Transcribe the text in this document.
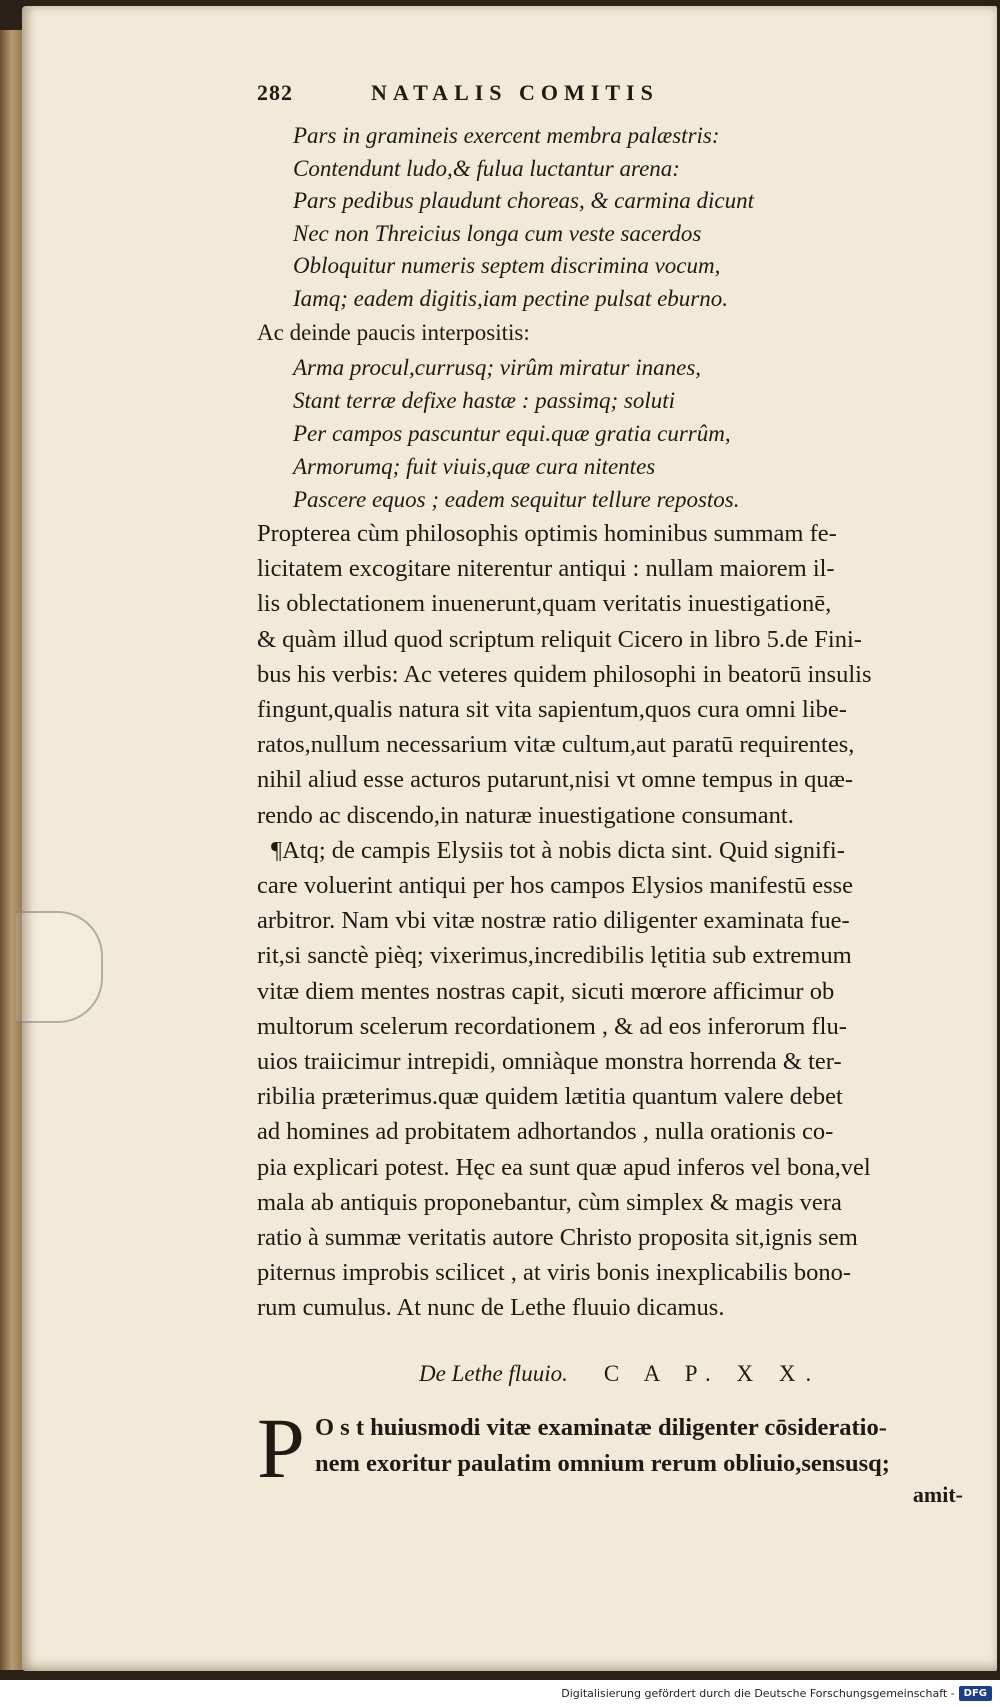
282	NATALIS COMITIS
Pars in gramineis exercent membra palæstris:
Contendunt ludo,& fulua luctantur arena:
Pars pedibus plaudunt choreas, & carmina dicunt
Nec non Threicius longa cum veste sacerdos
Obloquitur numeris septem discrimina vocum,
Iamq; eadem digitis,iam pectine pulsat eburno.
Ac deinde paucis interpositis:
Arma procul,currusq; virûm miratur inanes,
Stant terræ defixe hastæ : passimq; soluti
Per campos pascuntur equi.quæ gratia currûm,
Armorumq; fuit viuis,quæ cura nitentes
Pascere equos ; eadem sequitur tellure repostos.
Propterea cùm philosophis optimis hominibus summam fe-
licitatem excogitare niterentur antiqui : nullam maiorem il-
lis oblectationem inuenerunt,quam veritatis inuestigationē,
& quàm illud quod scriptum reliquit Cicero in libro 5.de Fini-
bus his verbis: Ac veteres quidem philosophi in beatorū insulis
fingunt,qualis natura sit vita sapientum,quos cura omni libe-
ratos,nullum necessarium vitæ cultum,aut paratū requirentes,
nihil aliud esse acturos putarunt,nisi vt omne tempus in quæ-
rendo ac discendo,in naturæ inuestigatione consumant.
¶Atq; de campis Elysiis tot à nobis dicta sint. Quid signifi-
care voluerint antiqui per hos campos Elysios manifestū esse
arbitror. Nam vbi vitæ nostræ ratio diligenter examinata fue-
rit,si sanctè pièq; vixerimus,incredibilis lętitia sub extremum
vitæ diem mentes nostras capit, sicuti mœrore afficimur ob
multorum scelerum recordationem , & ad eos inferorum flu-
uios traiicimur intrepidi, omniàque monstra horrenda & ter-
ribilia præterimus.quæ quidem lætitia quantum valere debet
ad homines ad probitatem adhortandos , nulla orationis co-
pia explicari potest. Hęc ea sunt quæ apud inferos vel bona,vel
mala ab antiquis proponebantur, cùm simplex & magis vera
ratio à summæ veritatis autore Christo proposita sit,ignis sem
piternus improbis scilicet , at viris bonis inexplicabilis bono-
rum cumulus. At nunc de Lethe fluuio dicamus.
De Lethe fluuio. C A P. X X.
P O s t huiusmodi vitæ examinatæ diligenter cōsideratio-
nem exoritur paulatim omnium rerum obliuio,sensusq;
amit-
Digitalisierung gefördert durch die Deutsche Forschungsgemeinschaft - DFG
